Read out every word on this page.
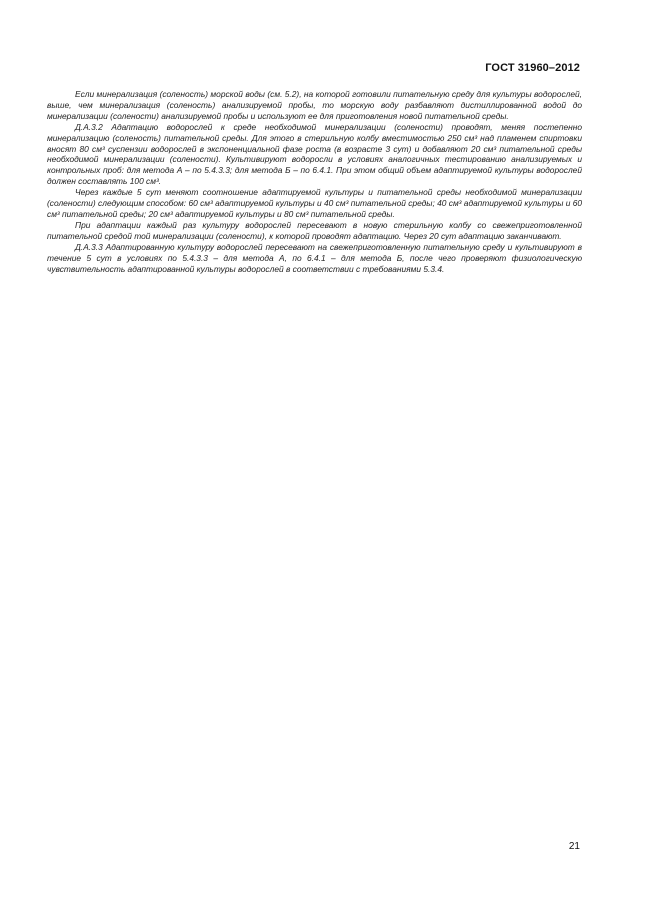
ГОСТ 31960–2012

Если минерализация (соленость) морской воды (см. 5.2), на которой готовили питательную среду для культуры водорослей, выше, чем минерализация (соленость) анализируемой пробы, то морскую воду разбавляют дистиллированной водой до минерализации (солености) анализируемой пробы и используют ее для приготовления новой питательной среды.

Д.А.3.2 Адаптацию водорослей к среде необходимой минерализации (солености) проводят, меняя постепенно минерализацию (соленость) питательной среды. Для этого в стерильную колбу вместимостью 250 см³ над пламенем спиртовки вносят 80 см³ суспензии водорослей в экспоненциальной фазе роста (в возрасте 3 сут) и добавляют 20 см³ питательной среды необходимой минерализации (солености). Культивируют водоросли в условиях аналогичных тестированию анализируемых и контрольных проб: для метода А – по 5.4.3.3; для метода Б – по 6.4.1. При этом общий объем адаптируемой культуры водорослей должен составлять 100 см³.

Через каждые 5 сут меняют соотношение адаптируемой культуры и питательной среды необходимой минерализации (солености) следующим способом: 60 см³ адаптируемой культуры и 40 см³ питательной среды; 40 см³ адаптируемой культуры и 60 см³ питательной среды; 20 см³ адаптируемой культуры и 80 см³ питательной среды.

При адаптации каждый раз культуру водорослей пересевают в новую стерильную колбу со свежеприготовленной питательной средой той минерализации (солености), к которой проводят адаптацию. Через 20 сут адаптацию заканчивают.

Д.А.3.3 Адаптированную культуру водорослей пересевают на свежеприготовленную питательную среду и культивируют в течение 5 сут в условиях по 5.4.3.3 – для метода А, по 6.4.1 – для метода Б, после чего проверяют физиологическую чувствительность адаптированной культуры водорослей в соответствии с требованиями 5.3.4.

21
